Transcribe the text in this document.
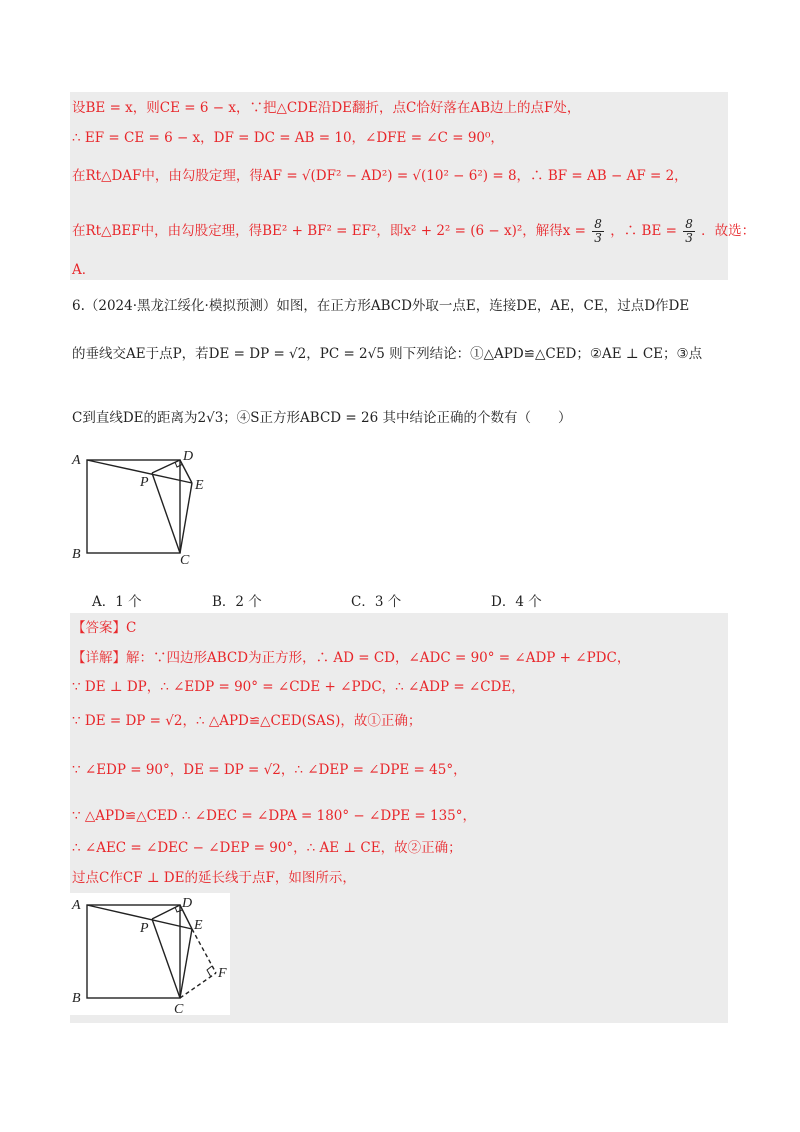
设BE = x，则CE = 6 − x，∵把△CDE沿DE翻折，点C恰好落在AB边上的点F处，
∴ EF = CE = 6 − x，DF = DC = AB = 10，∠DFE = ∠C = 90⁰，
在Rt△DAF中，由勾股定理，得AF = √(DF² − AD²) = √(10² − 6²) = 8，∴ BF = AB − AF = 2，
在Rt△BEF中，由勾股定理，得BE² + BF² = EF²，即x² + 2² = (6 − x)²，解得$x = \frac{8}{3}$ ，∴ BE = $\frac{8}{3}$ ．故选：
A．
6.（2024·黑龙江绥化·模拟预测）如图，在正方形ABCD外取一点E，连接DE，AE，CE，过点D作DE
的垂线交AE于点P，若DE = DP = √2，PC = 2√5 则下列结论：①△APD≌△CED；②AE ⊥ CE；③点
C到直线DE的距离为2√3；④S正方形ABCD = 26 其中结论正确的个数有（　　）
A
B	C
D
E
P
A．1 个	B．2 个	C．3 个	D．4 个
【答案】C
【详解】解：∵四边形ABCD为正方形，∴ AD = CD，∠ADC = 90° = ∠ADP + ∠PDC，
∵ DE ⊥ DP，∴ ∠EDP = 90° = ∠CDE + ∠PDC，∴ ∠ADP = ∠CDE，
∵ DE = DP = √2，∴ △APD≌△CED(SAS)，故①正确；
∵ ∠EDP = 90°，DE = DP = √2，∴ ∠DEP = ∠DPE = 45°，
∵ △APD≌△CED ∴ ∠DEC = ∠DPA = 180° − ∠DPE = 135°，
∴ ∠AEC = ∠DEC − ∠DEP = 90°，∴ AE ⊥ CE，故②正确；
过点C作CF ⊥ DE的延长线于点F，如图所示，
A
B
C
D
E
P
F
